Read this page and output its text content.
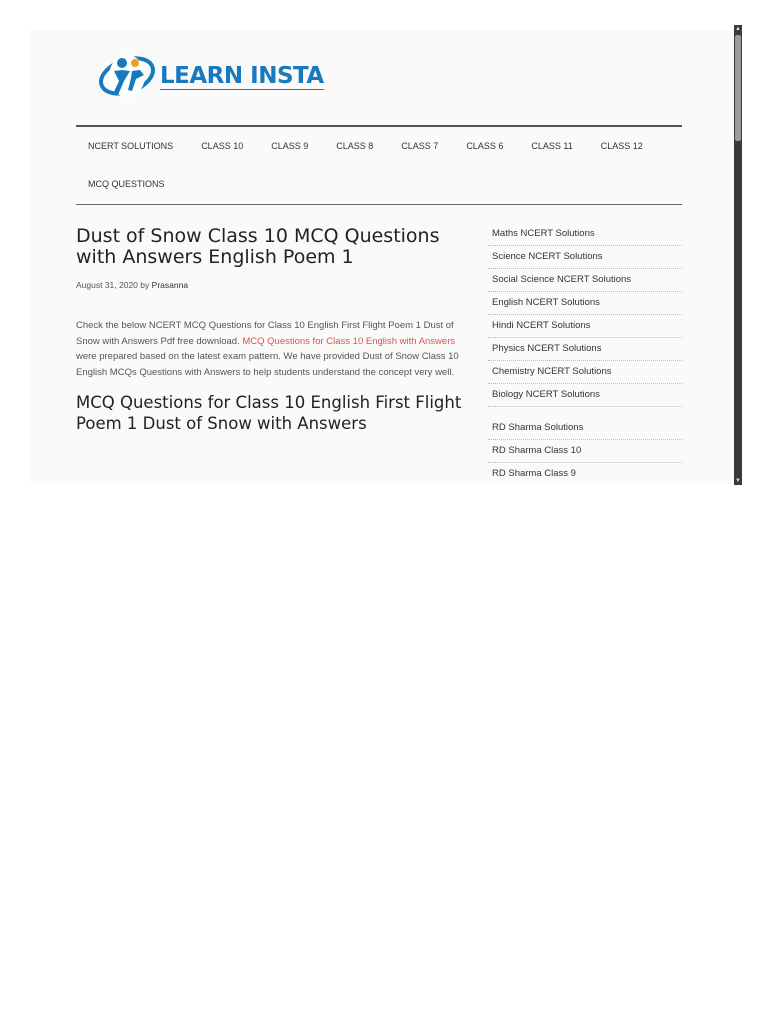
LEARN INSTA
NCERT SOLUTIONS	CLASS 10	CLASS 9	CLASS 8	CLASS 7	CLASS 6	CLASS 11	CLASS 12
MCQ QUESTIONS
Dust of Snow Class 10 MCQ Questions with Answers English Poem 1
August 31, 2020 by Prasanna

Check the below NCERT MCQ Questions for Class 10 English First Flight Poem 1 Dust of Snow with Answers Pdf free download. MCQ Questions for Class 10 English with Answers were prepared based on the latest exam pattern. We have provided Dust of Snow Class 10 English MCQs Questions with Answers to help students understand the concept very well.

MCQ Questions for Class 10 English First Flight Poem 1 Dust of Snow with Answers
Maths NCERT Solutions
Science NCERT Solutions
Social Science NCERT Solutions
English NCERT Solutions
Hindi NCERT Solutions
Physics NCERT Solutions
Chemistry NCERT Solutions
Biology NCERT Solutions
RD Sharma Solutions
RD Sharma Class 10
RD Sharma Class 9
▲
▼
